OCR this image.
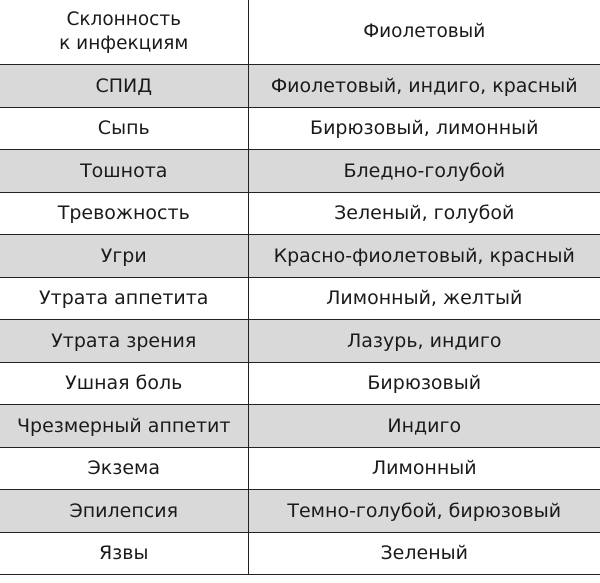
Склонность
к инфекциям	Фиолетовый
СПИД	Фиолетовый, индиго, красный
Сыпь	Бирюзовый, лимонный
Тошнота	Бледно-голубой
Тревожность	Зеленый, голубой
Угри	Красно-фиолетовый, красный
Утрата аппетита	Лимонный, желтый
Утрата зрения	Лазурь, индиго
Ушная боль	Бирюзовый
Чрезмерный аппетит	Индиго
Экзема	Лимонный
Эпилепсия	Темно-голубой, бирюзовый
Язвы	Зеленый
